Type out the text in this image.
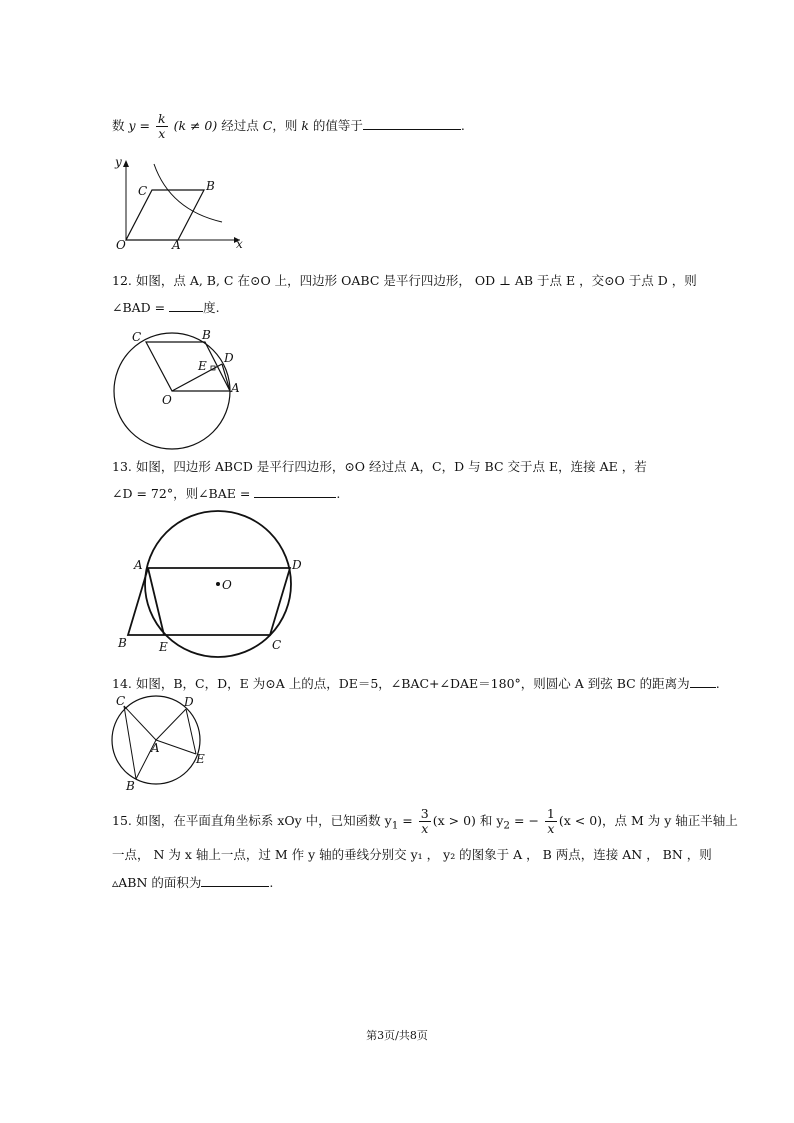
数 $y = \frac{k}{x} (k \ne 0)$ 经过点 C，则 k 的值等于	.
y
x
O	A
B
C
12. 如图，点 A, B, C 在⊙O 上，四边形 OABC 是平行四边形， OD ⊥ AB 于点 E ，交⊙O 于点 D ，则
∠BAD =	度.
C	B
E
D
O
A
13. 如图，四边形 ABCD 是平行四边形，⊙O 经过点 A，C，D 与 BC 交于点 E，连接 AE ，若
∠D = 72°，则∠BAE =	.
A	D
O
B	E	C
14. 如图，B，C，D，E 为⊙A 上的点，DE＝5，∠BAC+∠DAE＝180°，则圆心 A 到弦 BC 的距离为 .
C	D
A
E
B
15. 如图，在平面直角坐标系 xOy 中，已知函数 $y_1 = \frac{3}{x} (x > 0)$ 和 $y_2$ = − $\frac{1}{x} (x < 0)$，点 M 为 y 轴正半轴上
一点， N 为 x 轴上一点，过 M 作 y 轴的垂线分别交 y₁ ， y₂ 的图象于 A ， B 两点，连接 AN ， BN ，则
▵ABN 的面积为	.
第3页/共8页
